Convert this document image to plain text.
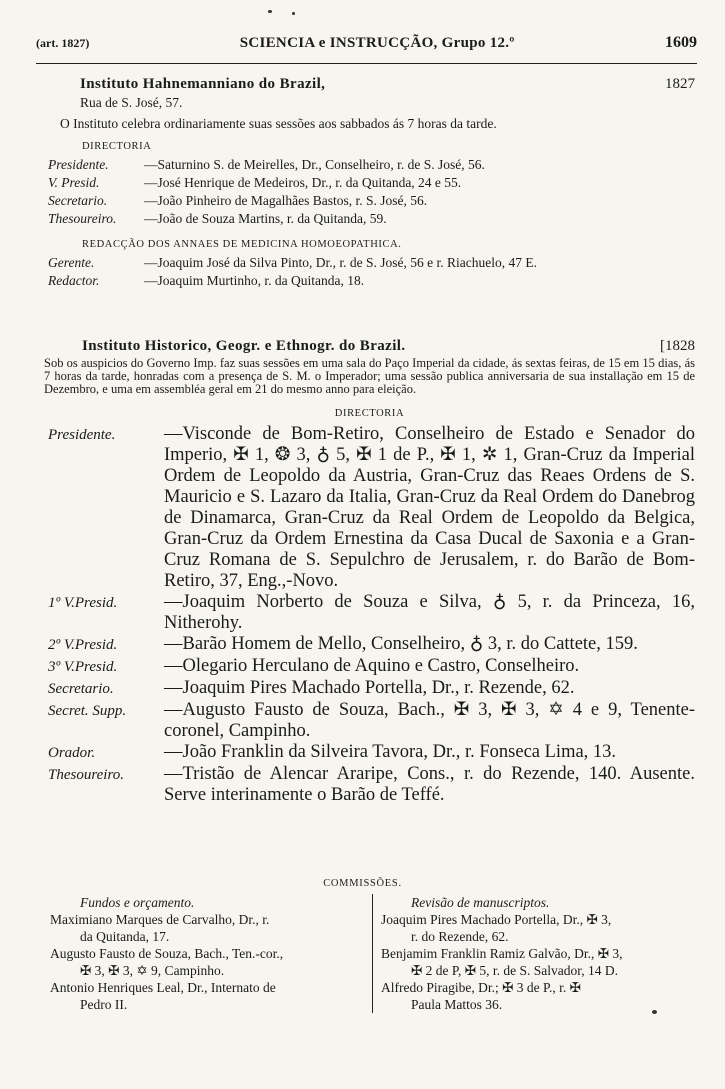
(art. 1827)	SCIENCIA e INSTRUCÇÃO, Grupo 12.º	1609
Instituto Hahnemanniano do Brazil,	1827
Rua de S. José, 57.
O Instituto celebra ordinariamente suas sessões aos sabbados ás 7 horas da tarde.
DIRECTORIA
Presidente.	—Saturnino S. de Meirelles, Dr., Conselheiro, r. de S. José, 56.
V. Presid.	—José Henrique de Medeiros, Dr., r. da Quitanda, 24 e 55.
Secretario.	—João Pinheiro de Magalhães Bastos, r. S. José, 56.
Thesoureiro.	—João de Souza Martins, r. da Quitanda, 59.
REDACÇÃO DOS ANNAES DE MEDICINA HOMOEOPATHICA.
Gerente.	—Joaquim José da Silva Pinto, Dr., r. de S. José, 56 e r. Riachuelo, 47 E.
Redactor.	—Joaquim Murtinho, r. da Quitanda, 18.
Instituto Historico, Geogr. e Ethnogr. do Brazil.	[1828
Sob os auspicios do Governo Imp. faz suas sessões em uma sala do Paço Imperial da cidade, ás sextas feiras, de 15 em 15 dias, ás 7 horas da tarde, honradas com a presença de S. M. o Imperador; uma sessão publica anniversaria de sua installação em 15 de Dezembro, e uma em assembléa geral em 21 do mesmo anno para eleição.
DIRECTORIA
Presidente.	—Visconde de Bom-Retiro, Conselheiro de Estado e Senador do Imperio, ✠ 1, ❂ 3, ♁ 5, ✠ 1 de P., ✠ 1, ✲ 1, Gran-Cruz da Imperial Ordem de Leopoldo da Austria, Gran-Cruz das Reaes Ordens de S. Mauricio e S. Lazaro da Italia, Gran-Cruz da Real Ordem do Danebrog de Dinamarca, Gran-Cruz da Real Ordem de Leopoldo da Belgica, Gran-Cruz da Ordem Ernestina da Casa Ducal de Saxonia e a Gran-Cruz Romana de S. Sepulchro de Jerusalem, r. do Barão de Bom-Retiro, 37, Eng.,-Novo.
1º V.Presid.	—Joaquim Norberto de Souza e Silva, ♁ 5, r. da Princeza, 16, Nitherohy.
2º V.Presid.	—Barão Homem de Mello, Conselheiro, ♁ 3, r. do Cattete, 159.
3º V.Presid.	—Olegario Herculano de Aquino e Castro, Conselheiro.
Secretario.	—Joaquim Pires Machado Portella, Dr., r. Rezende, 62.
Secret. Supp.	—Augusto Fausto de Souza, Bach., ✠ 3, ✠ 3, ✡ 4 e 9, Tenente-coronel, Campinho.
Orador.	—João Franklin da Silveira Tavora, Dr., r. Fonseca Lima, 13.
Thesoureiro.	—Tristão de Alencar Araripe, Cons., r. do Rezende, 140. Ausente. Serve interinamente o Barão de Teffé.
COMMISSÕES.
Fundos e orçamento.
Maximiano Marques de Carvalho, Dr., r.
da Quitanda, 17.
Augusto Fausto de Souza, Bach., Ten.-cor.,
✠ 3, ✠ 3, ✡ 9, Campinho.
Antonio Henriques Leal, Dr., Internato de
Pedro II.
Revisão de manuscriptos.
Joaquim Pires Machado Portella, Dr., ✠ 3,
r. do Rezende, 62.
Benjamim Franklin Ramiz Galvão, Dr., ✠ 3,
✠ 2 de P, ✠ 5, r. de S. Salvador, 14 D.
Alfredo Piragibe, Dr.; ✠ 3 de P., r. ✠
Paula Mattos 36.
